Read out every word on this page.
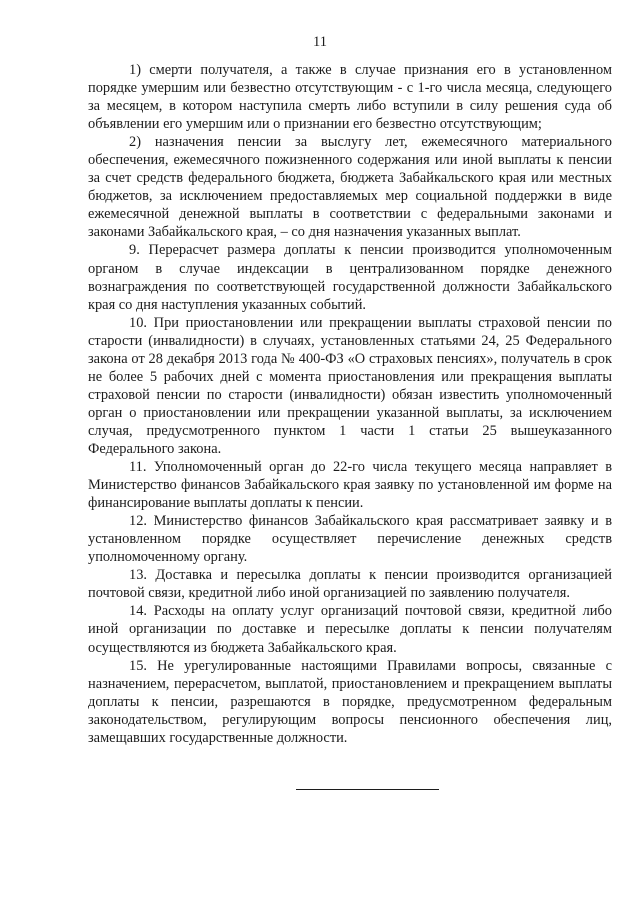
11

1) смерти получателя, а также в случае признания его в установленном порядке умершим или безвестно отсутствующим - с 1-го числа месяца, следующего за месяцем, в котором наступила смерть либо вступили в силу решения суда об объявлении его умершим или о признании его безвестно отсутствующим;

2) назначения пенсии за выслугу лет, ежемесячного материального обеспечения, ежемесячного пожизненного содержания или иной выплаты к пенсии за счет средств федерального бюджета, бюджета Забайкальского края или местных бюджетов, за исключением предоставляемых мер социальной поддержки в виде ежемесячной денежной выплаты в соответствии с федеральными законами и законами Забайкальского края, – со дня назначения указанных выплат.

9. Перерасчет размера доплаты к пенсии производится уполномоченным органом в случае индексации в централизованном порядке денежного вознаграждения по соответствующей государственной должности Забайкальского края со дня наступления указанных событий.

10. При приостановлении или прекращении выплаты страховой пенсии по старости (инвалидности) в случаях, установленных статьями 24, 25 Федерального закона от 28 декабря 2013 года № 400-ФЗ «О страховых пенсиях», получатель в срок не более 5 рабочих дней с момента приостановления или прекращения выплаты страховой пенсии по старости (инвалидности) обязан известить уполномоченный орган о приостановлении или прекращении указанной выплаты, за исключением случая, предусмотренного пунктом 1 части 1 статьи 25 вышеуказанного Федерального закона.

11. Уполномоченный орган до 22-го числа текущего месяца направляет в Министерство финансов Забайкальского края заявку по установленной им форме на финансирование выплаты доплаты к пенсии.

12. Министерство финансов Забайкальского края рассматривает заявку и в установленном порядке осуществляет перечисление денежных средств уполномоченному органу.

13. Доставка и пересылка доплаты к пенсии производится организацией почтовой связи, кредитной либо иной организацией по заявлению получателя.

14. Расходы на оплату услуг организаций почтовой связи, кредитной либо иной организации по доставке и пересылке доплаты к пенсии получателям осуществляются из бюджета Забайкальского края.

15. Не урегулированные настоящими Правилами вопросы, связанные с назначением, перерасчетом, выплатой, приостановлением и прекращением выплаты доплаты к пенсии, разрешаются в порядке, предусмотренном федеральным законодательством, регулирующим вопросы пенсионного обеспечения лиц, замещавших государственные должности.
